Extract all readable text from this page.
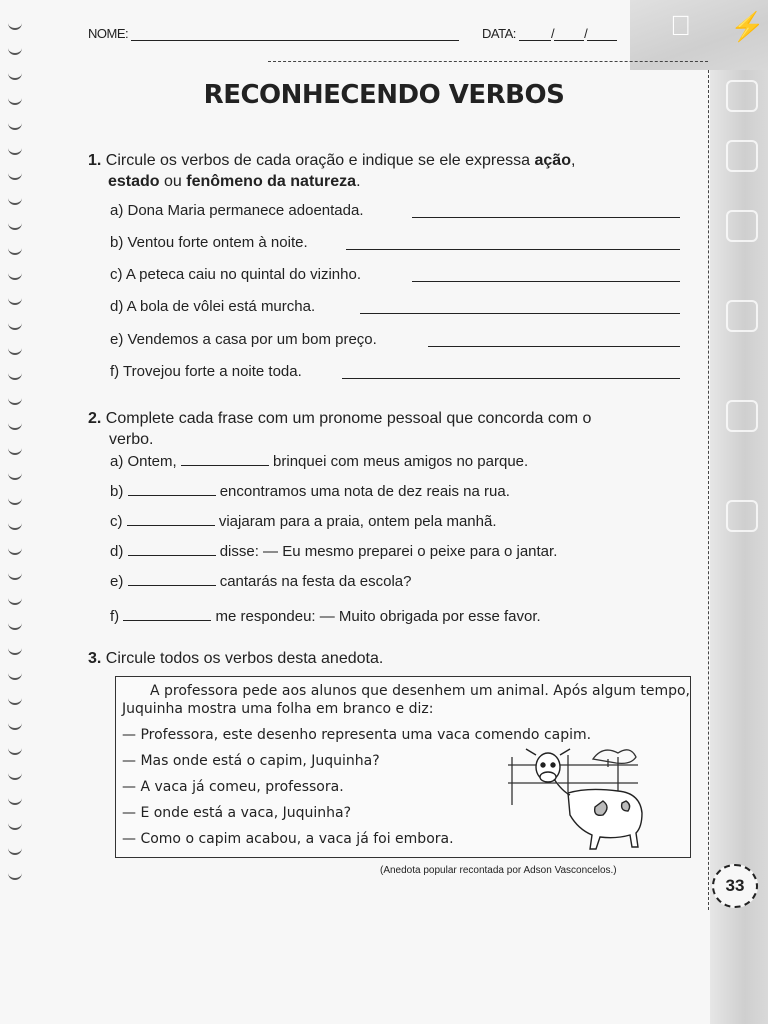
⚡
NOME:	DATA:	/ /
RECONHECENDO VERBOS
1. Circule os verbos de cada oração e indique se ele expressa ação,
estado ou fenômeno da natureza.
a) Dona Maria permanece adoentada.
b) Ventou forte ontem à noite.
c) A peteca caiu no quintal do vizinho.
d) A bola de vôlei está murcha.
e) Vendemos a casa por um bom preço.
f) Trovejou forte a noite toda.
2. Complete cada frase com um pronome pessoal que concorda com o
verbo.
a) Ontem,	brinquei com meus amigos no parque.
b)	encontramos uma nota de dez reais na rua.
c)	viajaram para a praia, ontem pela manhã.
d)	disse: — Eu mesmo preparei o peixe para o jantar.
e)	cantarás na festa da escola?
f)	me respondeu: — Muito obrigada por esse favor.
3. Circule todos os verbos desta anedota.

A professora pede aos alunos que desenhem um animal. Após algum tempo,

Juquinha mostra uma folha em branco e diz:

— Professora, este desenho representa uma vaca comendo capim.

— Mas onde está o capim, Juquinha?

— A vaca já comeu, professora.

— E onde está a vaca, Juquinha?

— Como o capim acabou, a vaca já foi embora.

(Anedota popular recontada por Adson Vasconcelos.)
33
